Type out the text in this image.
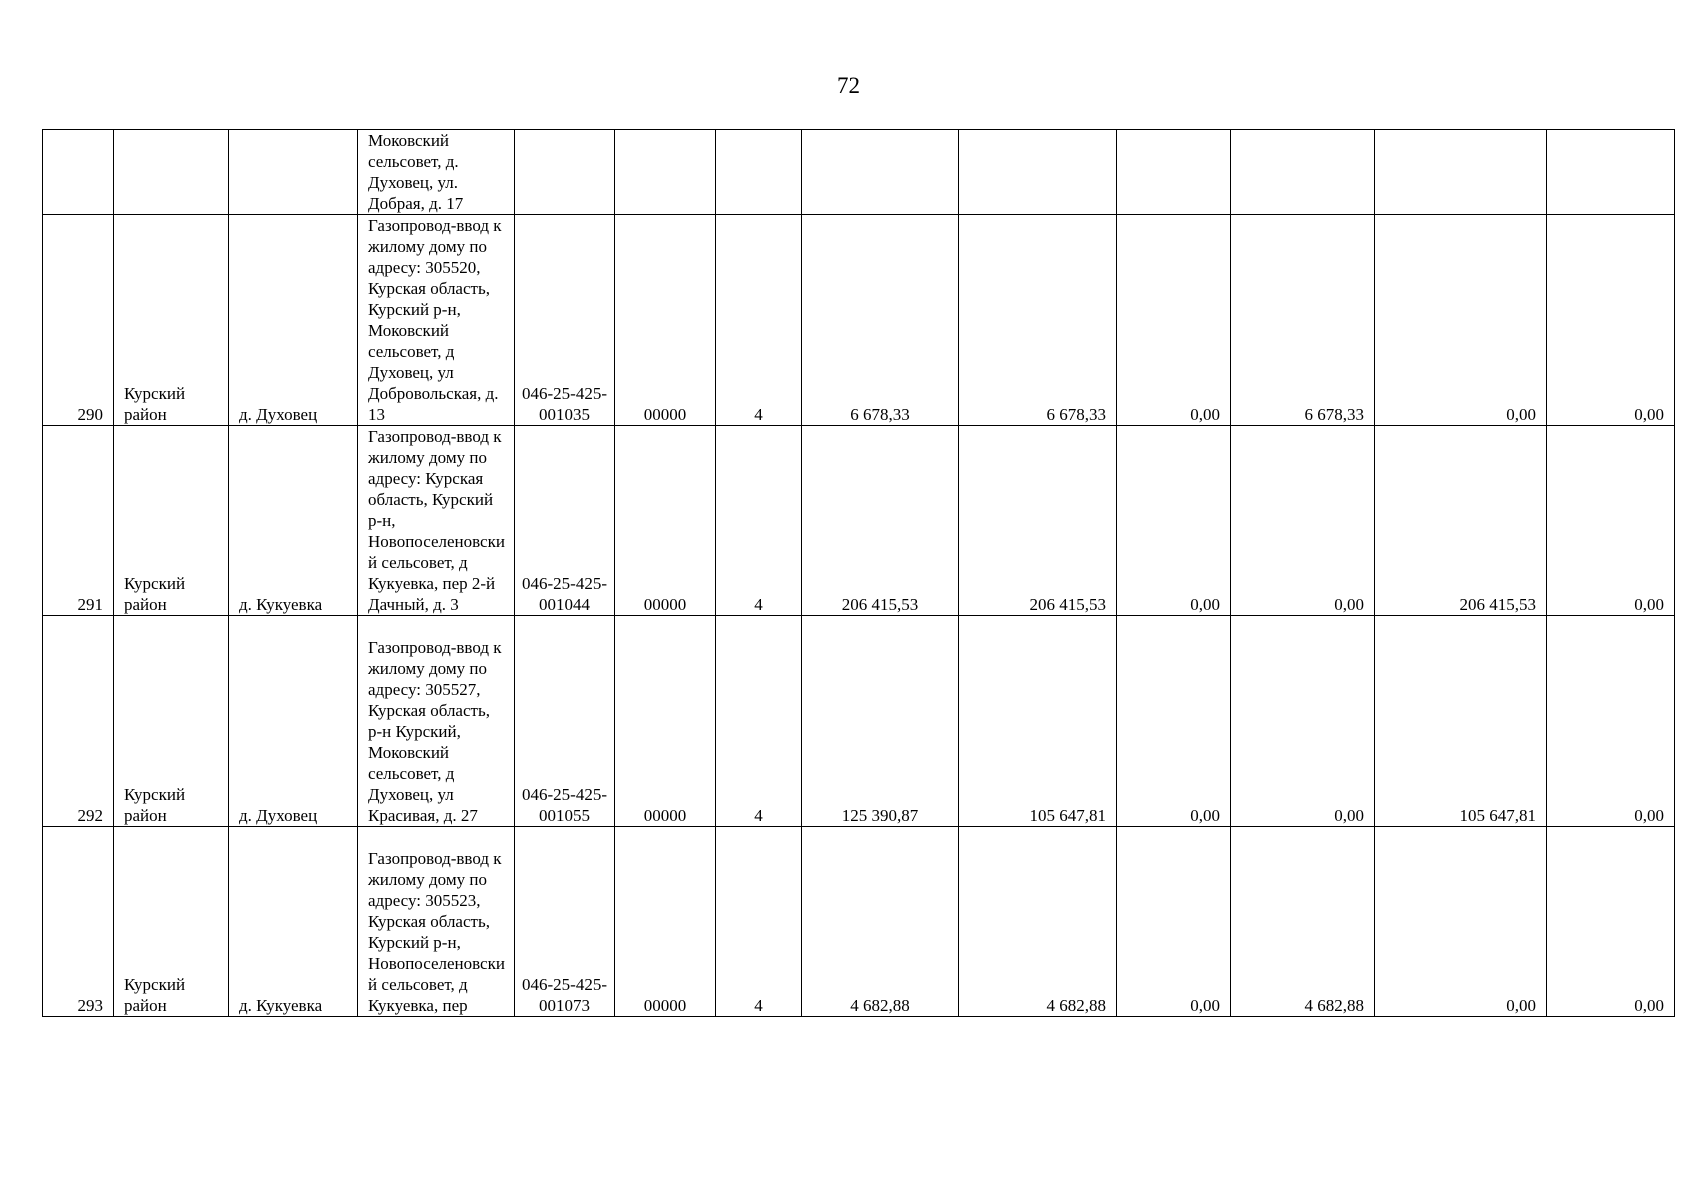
72
			Моковский сельсовет, д. Духовец, ул. Добрая, д. 17									
290	Курский район	д. Духовец	Газопровод-ввод к жилому дому по адресу: 305520, Курская область, Курский р-н, Моковский сельсовет, д Духовец, ул Добровольская, д. 13	046-25-425-001035	00000	4	6 678,33	6 678,33	0,00	6 678,33	0,00	0,00
291	Курский район	д. Кукуевка	Газопровод-ввод к жилому дому по адресу: Курская область, Курский р-н, Новопоселеновский сельсовет, д Кукуевка, пер 2-й Дачный, д. 3	046-25-425-001044	00000	4	206 415,53	206 415,53	0,00	0,00	206 415,53	0,00
292	Курский район	д. Духовец	Газопровод-ввод к жилому дому по адресу: 305527, Курская область, р-н Курский, Моковский сельсовет, д Духовец, ул Красивая, д. 27	046-25-425-001055	00000	4	125 390,87	105 647,81	0,00	0,00	105 647,81	0,00
293	Курский район	д. Кукуевка	Газопровод-ввод к жилому дому по адресу: 305523, Курская область, Курский р-н, Новопоселеновский сельсовет, д Кукуевка, пер	046-25-425-001073	00000	4	4 682,88	4 682,88	0,00	4 682,88	0,00	0,00
